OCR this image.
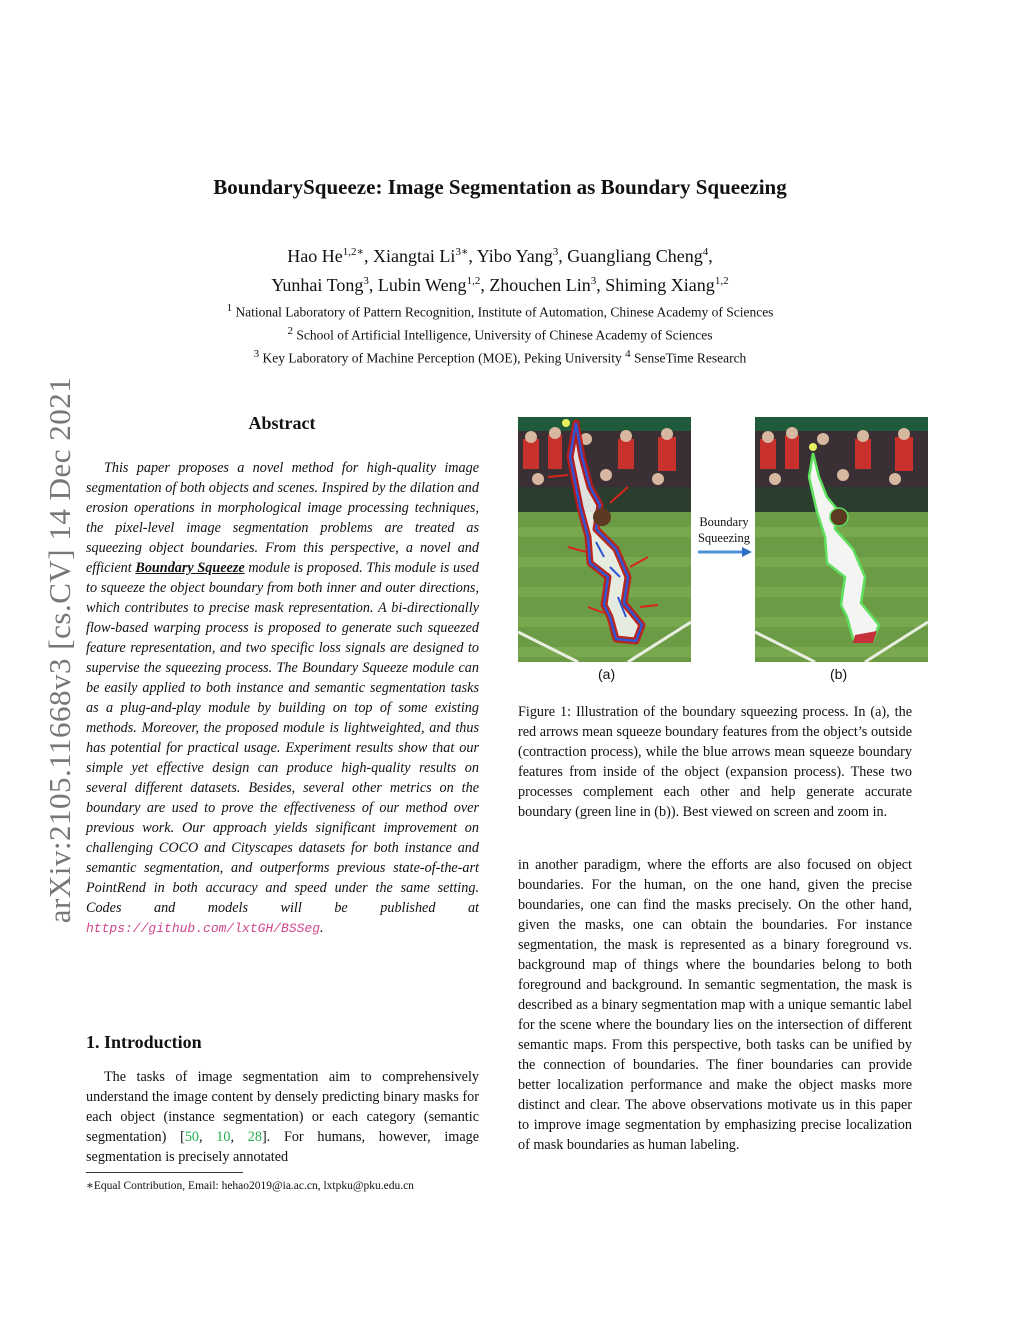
arXiv:2105.11668v3 [cs.CV] 14 Dec 2021
BoundarySqueeze: Image Segmentation as Boundary Squeezing
Hao $He^{1,2∗}$, Xiangtai $Li^{3∗}$, Yibo Yang$^3$, Guangliang Cheng$^4$,
Yunhai Tong$^3$, Lubin Weng$^{1,2}$, Zhouchen Lin$^3$, Shiming Xiang$^{1,2}$
$^1$ National Laboratory of Pattern Recognition, Institute of Automation, Chinese Academy of Sciences
$^2$ School of Artificial Intelligence, University of Chinese Academy of Sciences
$^3$ Key Laboratory of Machine Perception (MOE), Peking University $^4$ SenseTime Research
Abstract

This paper proposes a novel method for high-quality image segmentation of both objects and scenes. Inspired by the dilation and erosion operations in morphological image processing techniques, the pixel-level image segmentation problems are treated as squeezing object boundaries. From this perspective, a novel and efficient Boundary Squeeze module is proposed. This module is used to squeeze the object boundary from both inner and outer directions, which contributes to precise mask representation. A bi-directionally flow-based warping process is proposed to generate such squeezed feature representation, and two specific loss signals are designed to supervise the squeezing process. The Boundary Squeeze module can be easily applied to both instance and semantic segmentation tasks as a plug-and-play module by building on top of some existing methods. Moreover, the proposed module is lightweighted, and thus has potential for practical usage. Experiment results show that our simple yet effective design can produce high-quality results on several different datasets. Besides, several other metrics on the boundary are used to prove the effectiveness of our method over previous work. Our approach yields significant improvement on challenging COCO and Cityscapes datasets for both instance and semantic segmentation, and outperforms previous state-of-the-art PointRend in both accuracy and speed under the same setting. Codes and models will be published at https://github.com/lxtGH/BSSeg.

1. Introduction

The tasks of image segmentation aim to comprehensively understand the image content by densely predicting binary masks for each object (instance segmentation) or each category (semantic segmentation) [50, 10, 28]. For humans, however, image segmentation is precisely annotated

∗Equal Contribution, Email: hehao2019@ia.ac.cn, lxtpku@pku.edu.cn
Boundary
Squeezing
(a)	(b)

Figure 1: Illustration of the boundary squeezing process. In (a), the red arrows mean squeeze boundary features from the object’s outside (contraction process), while the blue arrows mean squeeze boundary features from inside of the object (expansion process). These two processes complement each other and help generate accurate boundary (green line in (b)). Best viewed on screen and zoom in.

in another paradigm, where the efforts are also focused on object boundaries. For the human, on the one hand, given the precise boundaries, one can find the masks precisely. On the other hand, given the masks, one can obtain the boundaries. For instance segmentation, the mask is represented as a binary foreground vs. background map of things where the boundaries belong to both foreground and background. In semantic segmentation, the mask is described as a binary segmentation map with a unique semantic label for the scene where the boundary lies on the intersection of different semantic maps. From this perspective, both tasks can be unified by the connection of boundaries. The finer boundaries can provide better localization performance and make the object masks more distinct and clear. The above observations motivate us in this paper to improve image segmentation by emphasizing precise localization of mask boundaries as human labeling.
